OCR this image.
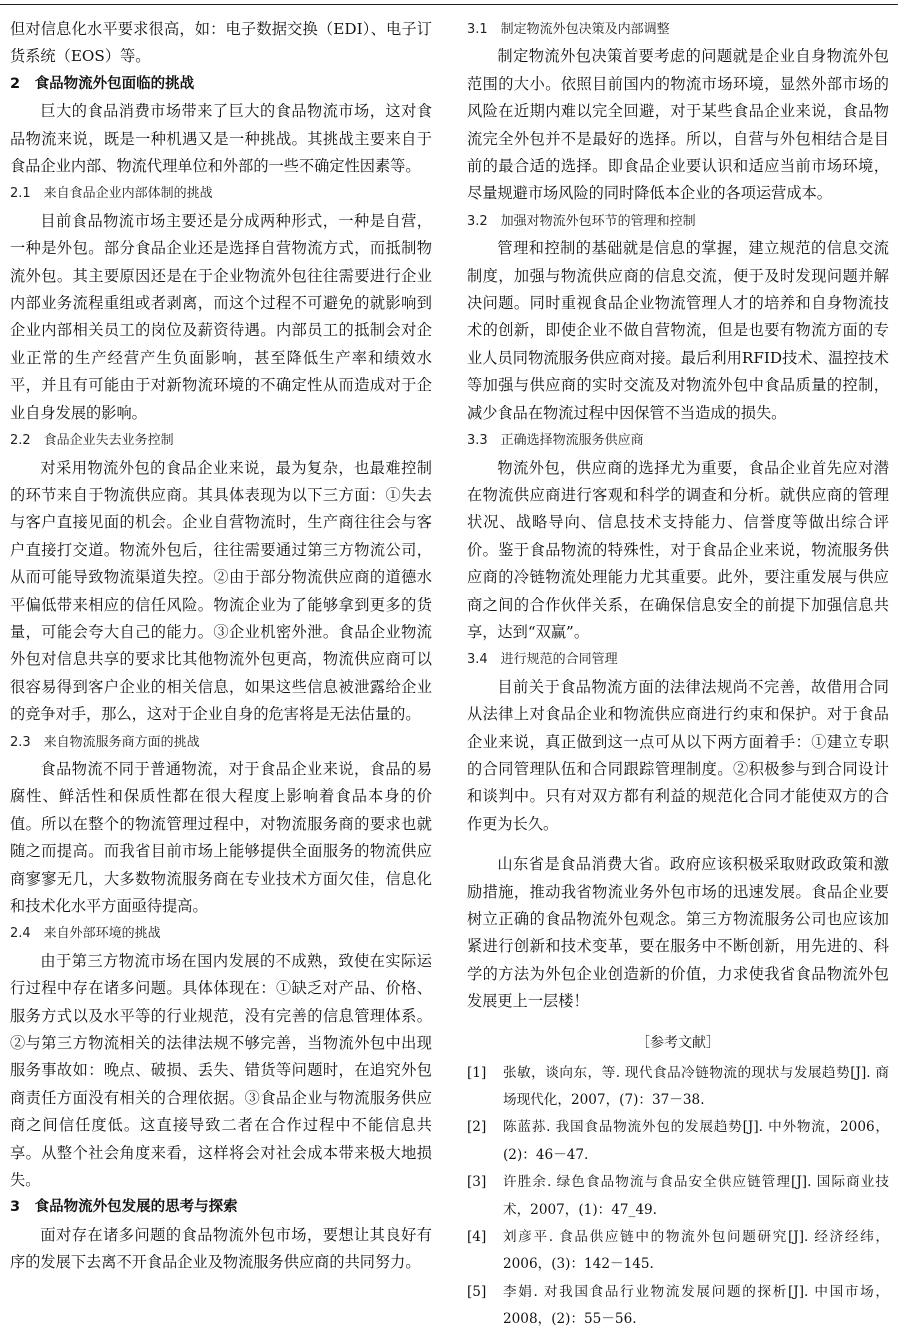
但对信息化水平要求很高，如：电子数据交换（EDI）、电子订货系统（EOS）等。

2　食品物流外包面临的挑战

巨大的食品消费市场带来了巨大的食品物流市场，这对食品物流来说，既是一种机遇又是一种挑战。其挑战主要来自于食品企业内部、物流代理单位和外部的一些不确定性因素等。

2.1　来自食品企业内部体制的挑战

目前食品物流市场主要还是分成两种形式，一种是自营，一种是外包。部分食品企业还是选择自营物流方式，而抵制物流外包。其主要原因还是在于企业物流外包往往需要进行企业内部业务流程重组或者剥离，而这个过程不可避免的就影响到企业内部相关员工的岗位及薪资待遇。内部员工的抵制会对企业正常的生产经营产生负面影响，甚至降低生产率和绩效水平，并且有可能由于对新物流环境的不确定性从而造成对于企业自身发展的影响。

2.2　食品企业失去业务控制

对采用物流外包的食品企业来说，最为复杂，也最难控制的环节来自于物流供应商。其具体表现为以下三方面：①失去与客户直接见面的机会。企业自营物流时，生产商往往会与客户直接打交道。物流外包后，往往需要通过第三方物流公司，从而可能导致物流渠道失控。②由于部分物流供应商的道德水平偏低带来相应的信任风险。物流企业为了能够拿到更多的货量，可能会夸大自己的能力。③企业机密外泄。食品企业物流外包对信息共享的要求比其他物流外包更高，物流供应商可以很容易得到客户企业的相关信息，如果这些信息被泄露给企业的竞争对手，那么，这对于企业自身的危害将是无法估量的。

2.3　来自物流服务商方面的挑战

食品物流不同于普通物流，对于食品企业来说，食品的易腐性、鲜活性和保质性都在很大程度上影响着食品本身的价值。所以在整个的物流管理过程中，对物流服务商的要求也就随之而提高。而我省目前市场上能够提供全面服务的物流供应商寥寥无几，大多数物流服务商在专业技术方面欠佳，信息化和技术化水平方面亟待提高。

2.4　来自外部环境的挑战

由于第三方物流市场在国内发展的不成熟，致使在实际运行过程中存在诸多问题。具体体现在：①缺乏对产品、价格、服务方式以及水平等的行业规范，没有完善的信息管理体系。②与第三方物流相关的法律法规不够完善，当物流外包中出现服务事故如：晚点、破损、丢失、错货等问题时，在追究外包商责任方面没有相关的合理依据。③食品企业与物流服务供应商之间信任度低。这直接导致二者在合作过程中不能信息共享。从整个社会角度来看，这样将会对社会成本带来极大地损失。

3　食品物流外包发展的思考与探索

面对存在诸多问题的食品物流外包市场，要想让其良好有序的发展下去离不开食品企业及物流服务供应商的共同努力。

3.1　制定物流外包决策及内部调整

制定物流外包决策首要考虑的问题就是企业自身物流外包范围的大小。依照目前国内的物流市场环境，显然外部市场的风险在近期内难以完全回避，对于某些食品企业来说，食品物流完全外包并不是最好的选择。所以，自营与外包相结合是目前的最合适的选择。即食品企业要认识和适应当前市场环境，尽量规避市场风险的同时降低本企业的各项运营成本。

3.2　加强对物流外包环节的管理和控制

管理和控制的基础就是信息的掌握，建立规范的信息交流制度，加强与物流供应商的信息交流，便于及时发现问题并解决问题。同时重视食品企业物流管理人才的培养和自身物流技术的创新，即使企业不做自营物流，但是也要有物流方面的专业人员同物流服务供应商对接。最后利用RFID技术、温控技术等加强与供应商的实时交流及对物流外包中食品质量的控制，减少食品在物流过程中因保管不当造成的损失。

3.3　正确选择物流服务供应商

物流外包，供应商的选择尤为重要，食品企业首先应对潜在物流供应商进行客观和科学的调查和分析。就供应商的管理状况、战略导向、信息技术支持能力、信誉度等做出综合评价。鉴于食品物流的特殊性，对于食品企业来说，物流服务供应商的冷链物流处理能力尤其重要。此外，要注重发展与供应商之间的合作伙伴关系，在确保信息安全的前提下加强信息共享，达到“双赢”。

3.4　进行规范的合同管理

目前关于食品物流方面的法律法规尚不完善，故借用合同从法律上对食品企业和物流供应商进行约束和保护。对于食品企业来说，真正做到这一点可从以下两方面着手：①建立专职的合同管理队伍和合同跟踪管理制度。②积极参与到合同设计和谈判中。只有对双方都有利益的规范化合同才能使双方的合作更为长久。

山东省是食品消费大省。政府应该积极采取财政政策和激励措施，推动我省物流业务外包市场的迅速发展。食品企业要树立正确的食品物流外包观念。第三方物流服务公司也应该加紧进行创新和技术变革，要在服务中不断创新，用先进的、科学的方法为外包企业创造新的价值，力求使我省食品物流外包发展更上一层楼！

［参考文献］
[1] 张敏，谈向东，等. 现代食品冷链物流的现状与发展趋势[J]. 商场现代化，2007，(7)：37－38.
[2] 陈蓝荪. 我国食品物流外包的发展趋势[J]. 中外物流，2006，(2)：46－47.
[3] 许胜余. 绿色食品物流与食品安全供应链管理[J]. 国际商业技术，2007，(1)：47_49.
[4] 刘彦平. 食品供应链中的物流外包问题研究[J]. 经济经纬，2006，(3)：142－145.
[5] 李娟. 对我国食品行业物流发展问题的探析[J]. 中国市场，2008，(2)：55－56.
